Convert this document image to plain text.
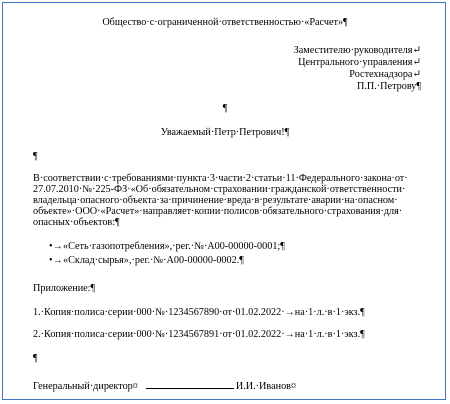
Общество·с·ограниченной·ответственностью·«Расчет»¶
Заместителю·руководителя↵
Центрального·управления↵
Ростехнадзора↵
П.П.·Петрову¶
¶
Уважаемый·Петр·Петрович!¶
¶
В·соответствии·с·требованиями·пункта·3·части·2·статьи·11·Федерального·закона·от·
27.07.2010·№·225-ФЗ·«Об·обязательном·страховании·гражданской·ответственности·
владельца·опасного·объекта·за·причинение·вреда·в·результате·аварии·на·опасном·
объекте»·ООО·«Расчет»·направляет·копии·полисов·обязательного·страхования·для·
опасных·объектов:¶
•→«Сеть·газопотребления»,·рег.·№·А00-00000-0001;¶
•→«Склад·сырья»,·рег.·№·А00-00000-0002.¶
Приложение:¶
1.·Копия·полиса·серии·000·№·1234567890·от·01.02.2022·→на·1·л.·в·1·экз.¶
2.·Копия·полиса·серии·000·№·1234567891·от·01.02.2022·→на·1·л.·в·1·экз.¶
¶
Генеральный·директор¤	И.И.·Иванов¤
